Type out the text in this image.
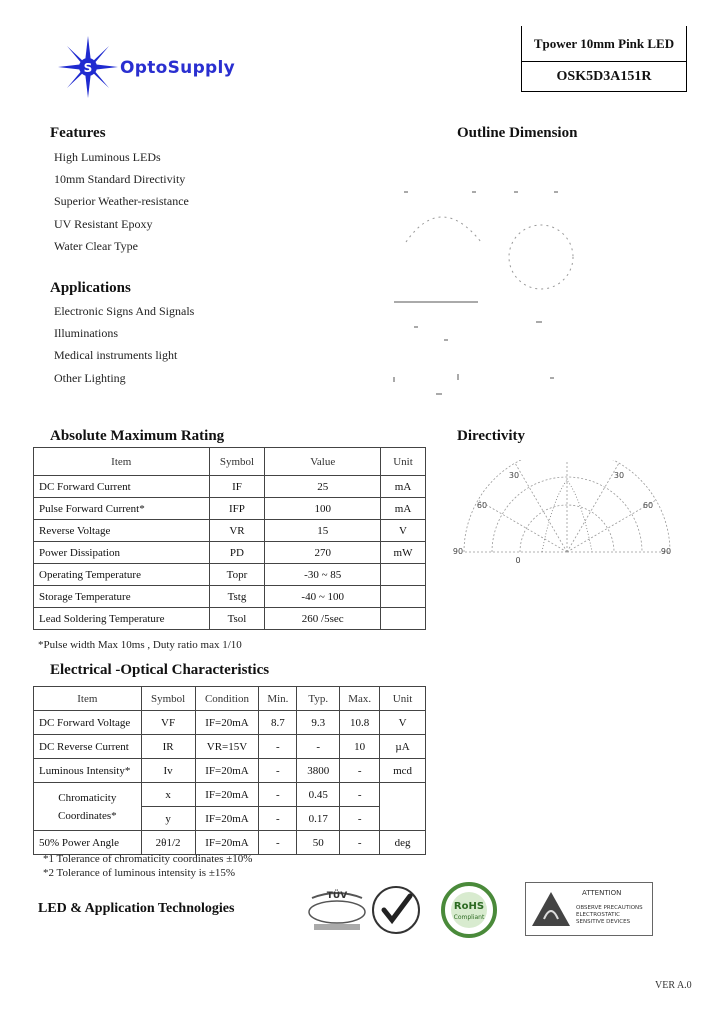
S OptoSupply
Tpower 10mm Pink LED
OSK5D3A151R
Features
High Luminous LEDs
10mm Standard Directivity
Superior Weather-resistance
UV Resistant Epoxy
Water Clear Type
Applications
Electronic Signs And Signals
Illuminations
Medical instruments light
Other Lighting
Outline Dimension
Absolute Maximum Rating
Item	Symbol	Value	Unit
DC Forward Current	IF	25	mA
Pulse Forward Current*	IFP	100	mA
Reverse Voltage	VR	15	V
Power Dissipation	PD	270	mW
Operating Temperature	Topr	-30 ~ 85	
Storage Temperature	Tstg	-40 ~ 100	
Lead Soldering Temperature	Tsol	260 /5sec	
*Pulse width Max 10ms , Duty ratio max 1/10
Directivity
0
30
60
90	90
60
30
Electrical -Optical Characteristics
Item	Symbol	Condition	Min.	Typ.	Max.	Unit
DC Forward Voltage	VF	IF=20mA	8.7	9.3	10.8	V
DC Reverse Current	IR	VR=15V	-	-	10	µA
Luminous Intensity*	Iv	IF=20mA	-	3800	-	mcd
Chromaticity
Coordinates*	x	IF=20mA	-	0.45	-	
	y	IF=20mA	-	0.17	-	
50% Power Angle	2θ1/2	IF=20mA	-	50	-	deg
*1 Tolerance of chromaticity coordinates ±10%
*2 Tolerance of luminous intensity is ±15%
LED & Application Technologies
TÜV
RoHS
Compliant
ATTENTION
OBSERVE PRECAUTIONS
ELECTROSTATIC
SENSITIVE DEVICES
VER A.0
